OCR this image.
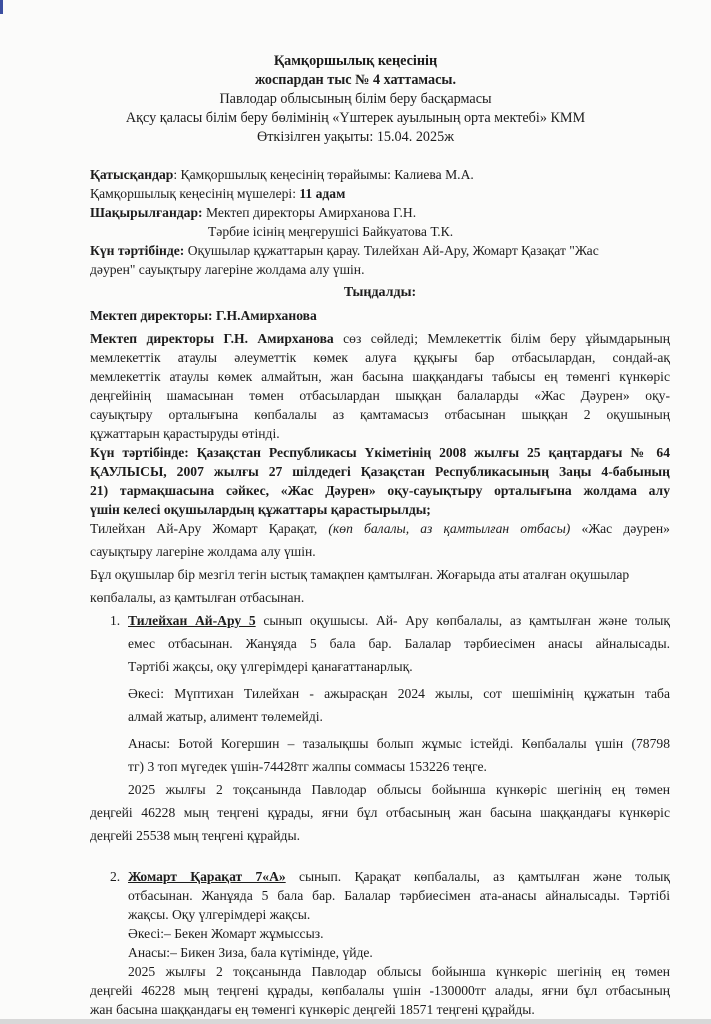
Қамқоршылық кеңесінің
жоспардан тыс № 4 хаттамасы.
Павлодар облысының білім беру басқармасы
Ақсу қаласы білім беру бөлімінің «Үштерек ауылының орта мектебі» КММ
Өткізілген уақыты: 15.04. 2025ж
Қатысқандар: Қамқоршылық кеңесінің төрайымы: Калиева М.А.
Қамқоршылық кеңесінің мүшелері: 11 адам
Шақырылғандар: Мектеп директоры Амирханова Г.Н.
Тәрбие ісінің меңгерушісі Байкуатова Т.К.
Күн тәртібінде: Оқушылар құжаттарын қарау. Тилейхан Ай-Ару, Жомарт Қазақат "Жас
дәурен" сауықтыру лагеріне жолдама алу үшін.
Тыңдалды:
Мектеп директоры: Г.Н.Амирханова
Мектеп директоры Г.Н. Амирханова сөз сөйледі; Мемлекеттік білім беру ұйымдарының
мемлекеттік атаулы әлеуметтік көмек алуға құқығы бар отбасылардан, сондай-ақ
мемлекеттік атаулы көмек алмайтын, жан басына шаққандағы табысы ең төменгі күнкөріс
деңгейінің шамасынан төмен отбасылардан шыққан балаларды «Жас Дәурен» оқу-
сауықтыру орталығына көпбалалы аз қамтамасыз отбасынан шыққан 2 оқушының
құжаттарын қарастыруды өтінді.
Күн тәртібінде: Қазақстан Республикасы Үкіметінің 2008 жылғы 25 қаңтардағы № 64
ҚАУЛЫСЫ, 2007 жылғы 27 шілдедегі Қазақстан Республикасының Заңы 4-бабының
21) тармақшасына сәйкес, «Жас Дәурен» оқу-сауықтыру орталығына жолдама алу
үшін келесі оқушылардың құжаттары қарастырылды;
Тилейхан Ай-Ару Жомарт Қарақат, (көп балалы, аз қамтылған отбасы) «Жас дәурен»
сауықтыру лагеріне жолдама алу үшін.
Бұл оқушылар бір мезгіл тегін ыстық тамақпен қамтылған. Жоғарыда аты аталған оқушылар
көпбалалы, аз қамтылған отбасынан.
1. Тилейхан Ай-Ару 5 сынып оқушысы. Ай- Ару көпбалалы, аз қамтылған және толық
емес отбасынан. Жанұяда 5 бала бар. Балалар тәрбиесімен анасы айналысады.
Тәртібі жақсы, оқу үлгерімдері қанағаттанарлық.
Әкесі: Мүптихан Тилейхан - ажырасқан 2024 жылы, сот шешімінің құжатын таба
алмай жатыр, алимент төлемейді.
Анасы: Ботой Когершин – тазалықшы болып жұмыс істейді. Көпбалалы үшін (78798
тг) 3 топ мүгедек үшін-74428тг жалпы соммасы 153226 теңге.
2025 жылғы 2 тоқсанында Павлодар облысы бойынша күнкөріс шегінің ең төмен
деңгейі 46228 мың теңгені құрады, яғни бұл отбасының жан басына шаққандағы күнкөріс
деңгейі 25538 мың теңгені құрайды.
2. Жомарт Қарақат 7«А» сынып. Қарақат көпбалалы, аз қамтылған және толық
отбасынан. Жанұяда 5 бала бар. Балалар тәрбиесімен ата-анасы айналысады. Тәртібі
жақсы. Оқу үлгерімдері жақсы.
Әкесі:– Бекен Жомарт жұмыссыз.
Анасы:– Бикен Зиза, бала күтімінде, үйде.
2025 жылғы 2 тоқсанында Павлодар облысы бойынша күнкөріс шегінің ең төмен
деңгейі 46228 мың теңгені құрады, көпбалалы үшін -130000тг алады, яғни бұл отбасының
жан басына шаққандағы ең төменгі күнкөріс деңгейі 18571 теңгені құрайды.
